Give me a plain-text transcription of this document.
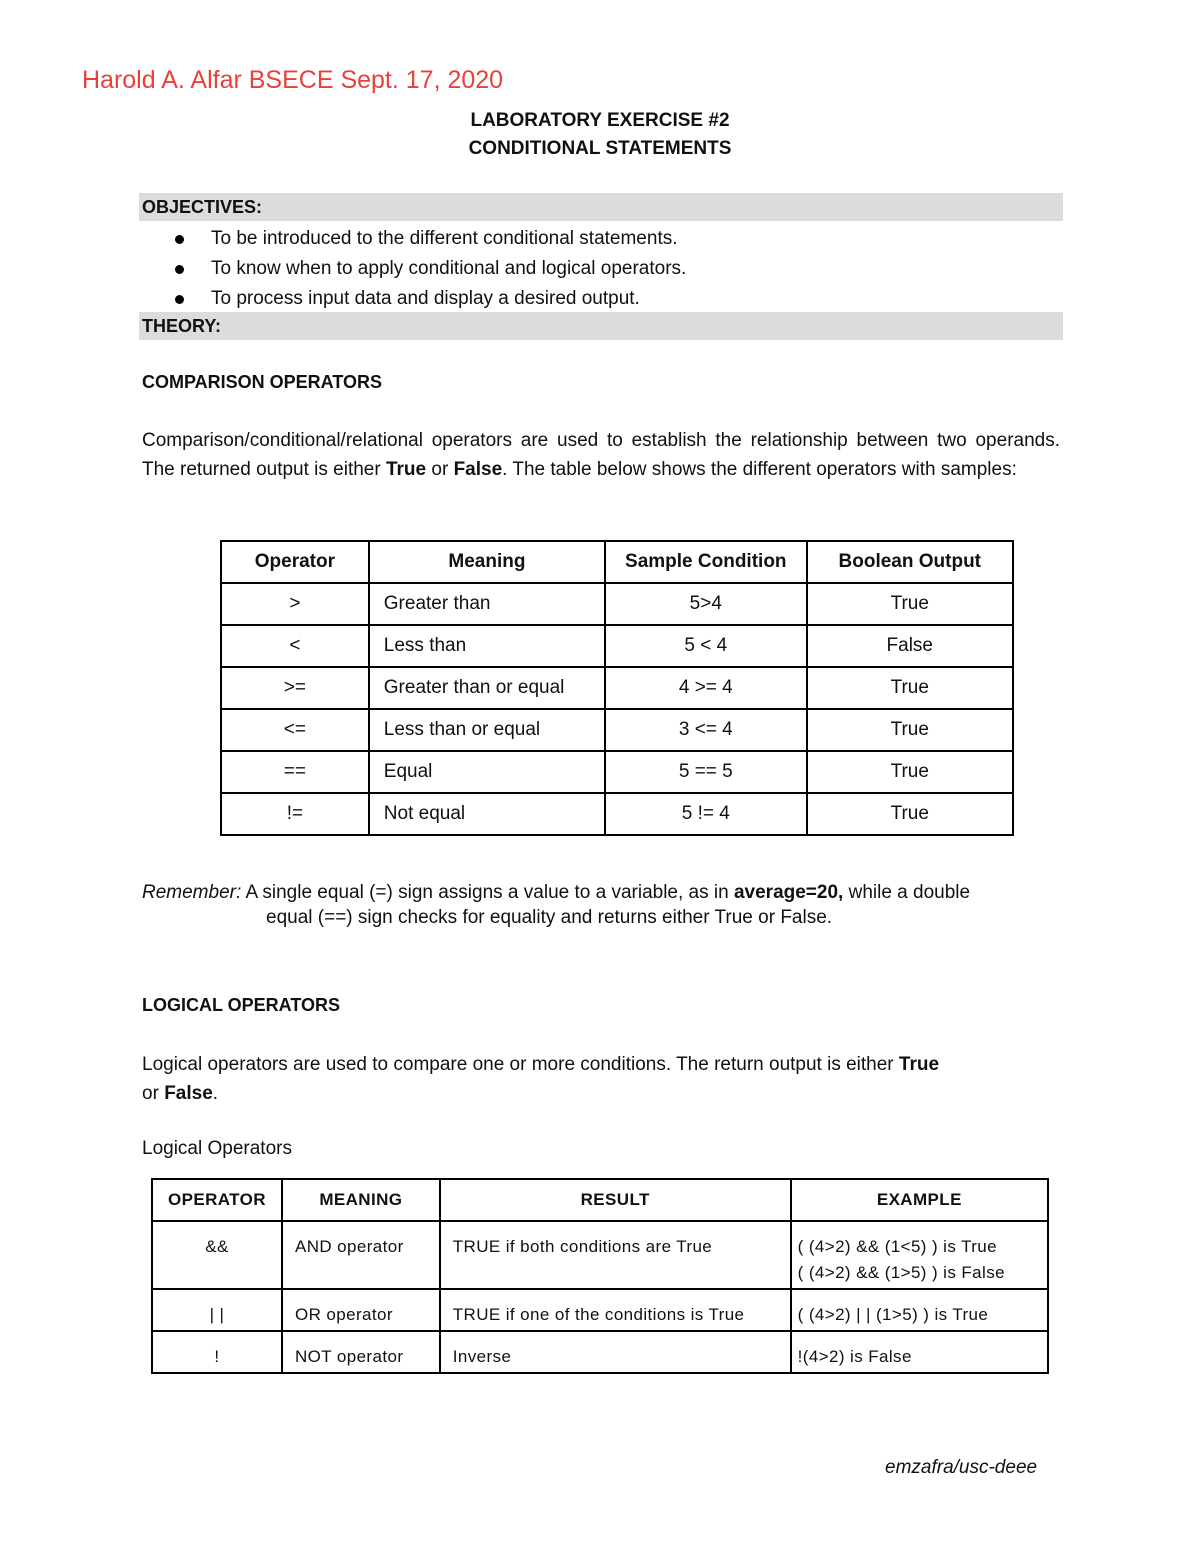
Harold A. Alfar BSECE Sept. 17, 2020
LABORATORY EXERCISE #2
CONDITIONAL STATEMENTS
OBJECTIVES:
To be introduced to the different conditional statements.
To know when to apply conditional and logical operators.
To process input data and display a desired output.
THEORY:
COMPARISON OPERATORS
Comparison/conditional/relational operators are used to establish the relationship between two operands. The returned output is either True or False. The table below shows the different operators with samples:
Operator	Meaning	Sample Condition	Boolean Output
>	Greater than	5>4	True
<	Less than	5 < 4	False
>=	Greater than or equal	4 >= 4	True
<=	Less than or equal	3 <= 4	True
==	Equal	5 == 5	True
!=	Not equal	5 != 4	True
Remember: A single equal (=) sign assigns a value to a variable, as in average=20, while a double
equal (==) sign checks for equality and returns either True or False.
LOGICAL OPERATORS
Logical operators are used to compare one or more conditions. The return output is either True
or False.
Logical Operators
OPERATOR	MEANING	RESULT	EXAMPLE
&&	AND operator	TRUE if both conditions are True	( (4>2) && (1<5) ) is True
( (4>2) && (1>5) ) is False

| |	OR operator	TRUE if one of the conditions is True	( (4>2) | | (1>5) ) is True

!	NOT operator	Inverse	!(4>2) is False
emzafra/usc-deee
